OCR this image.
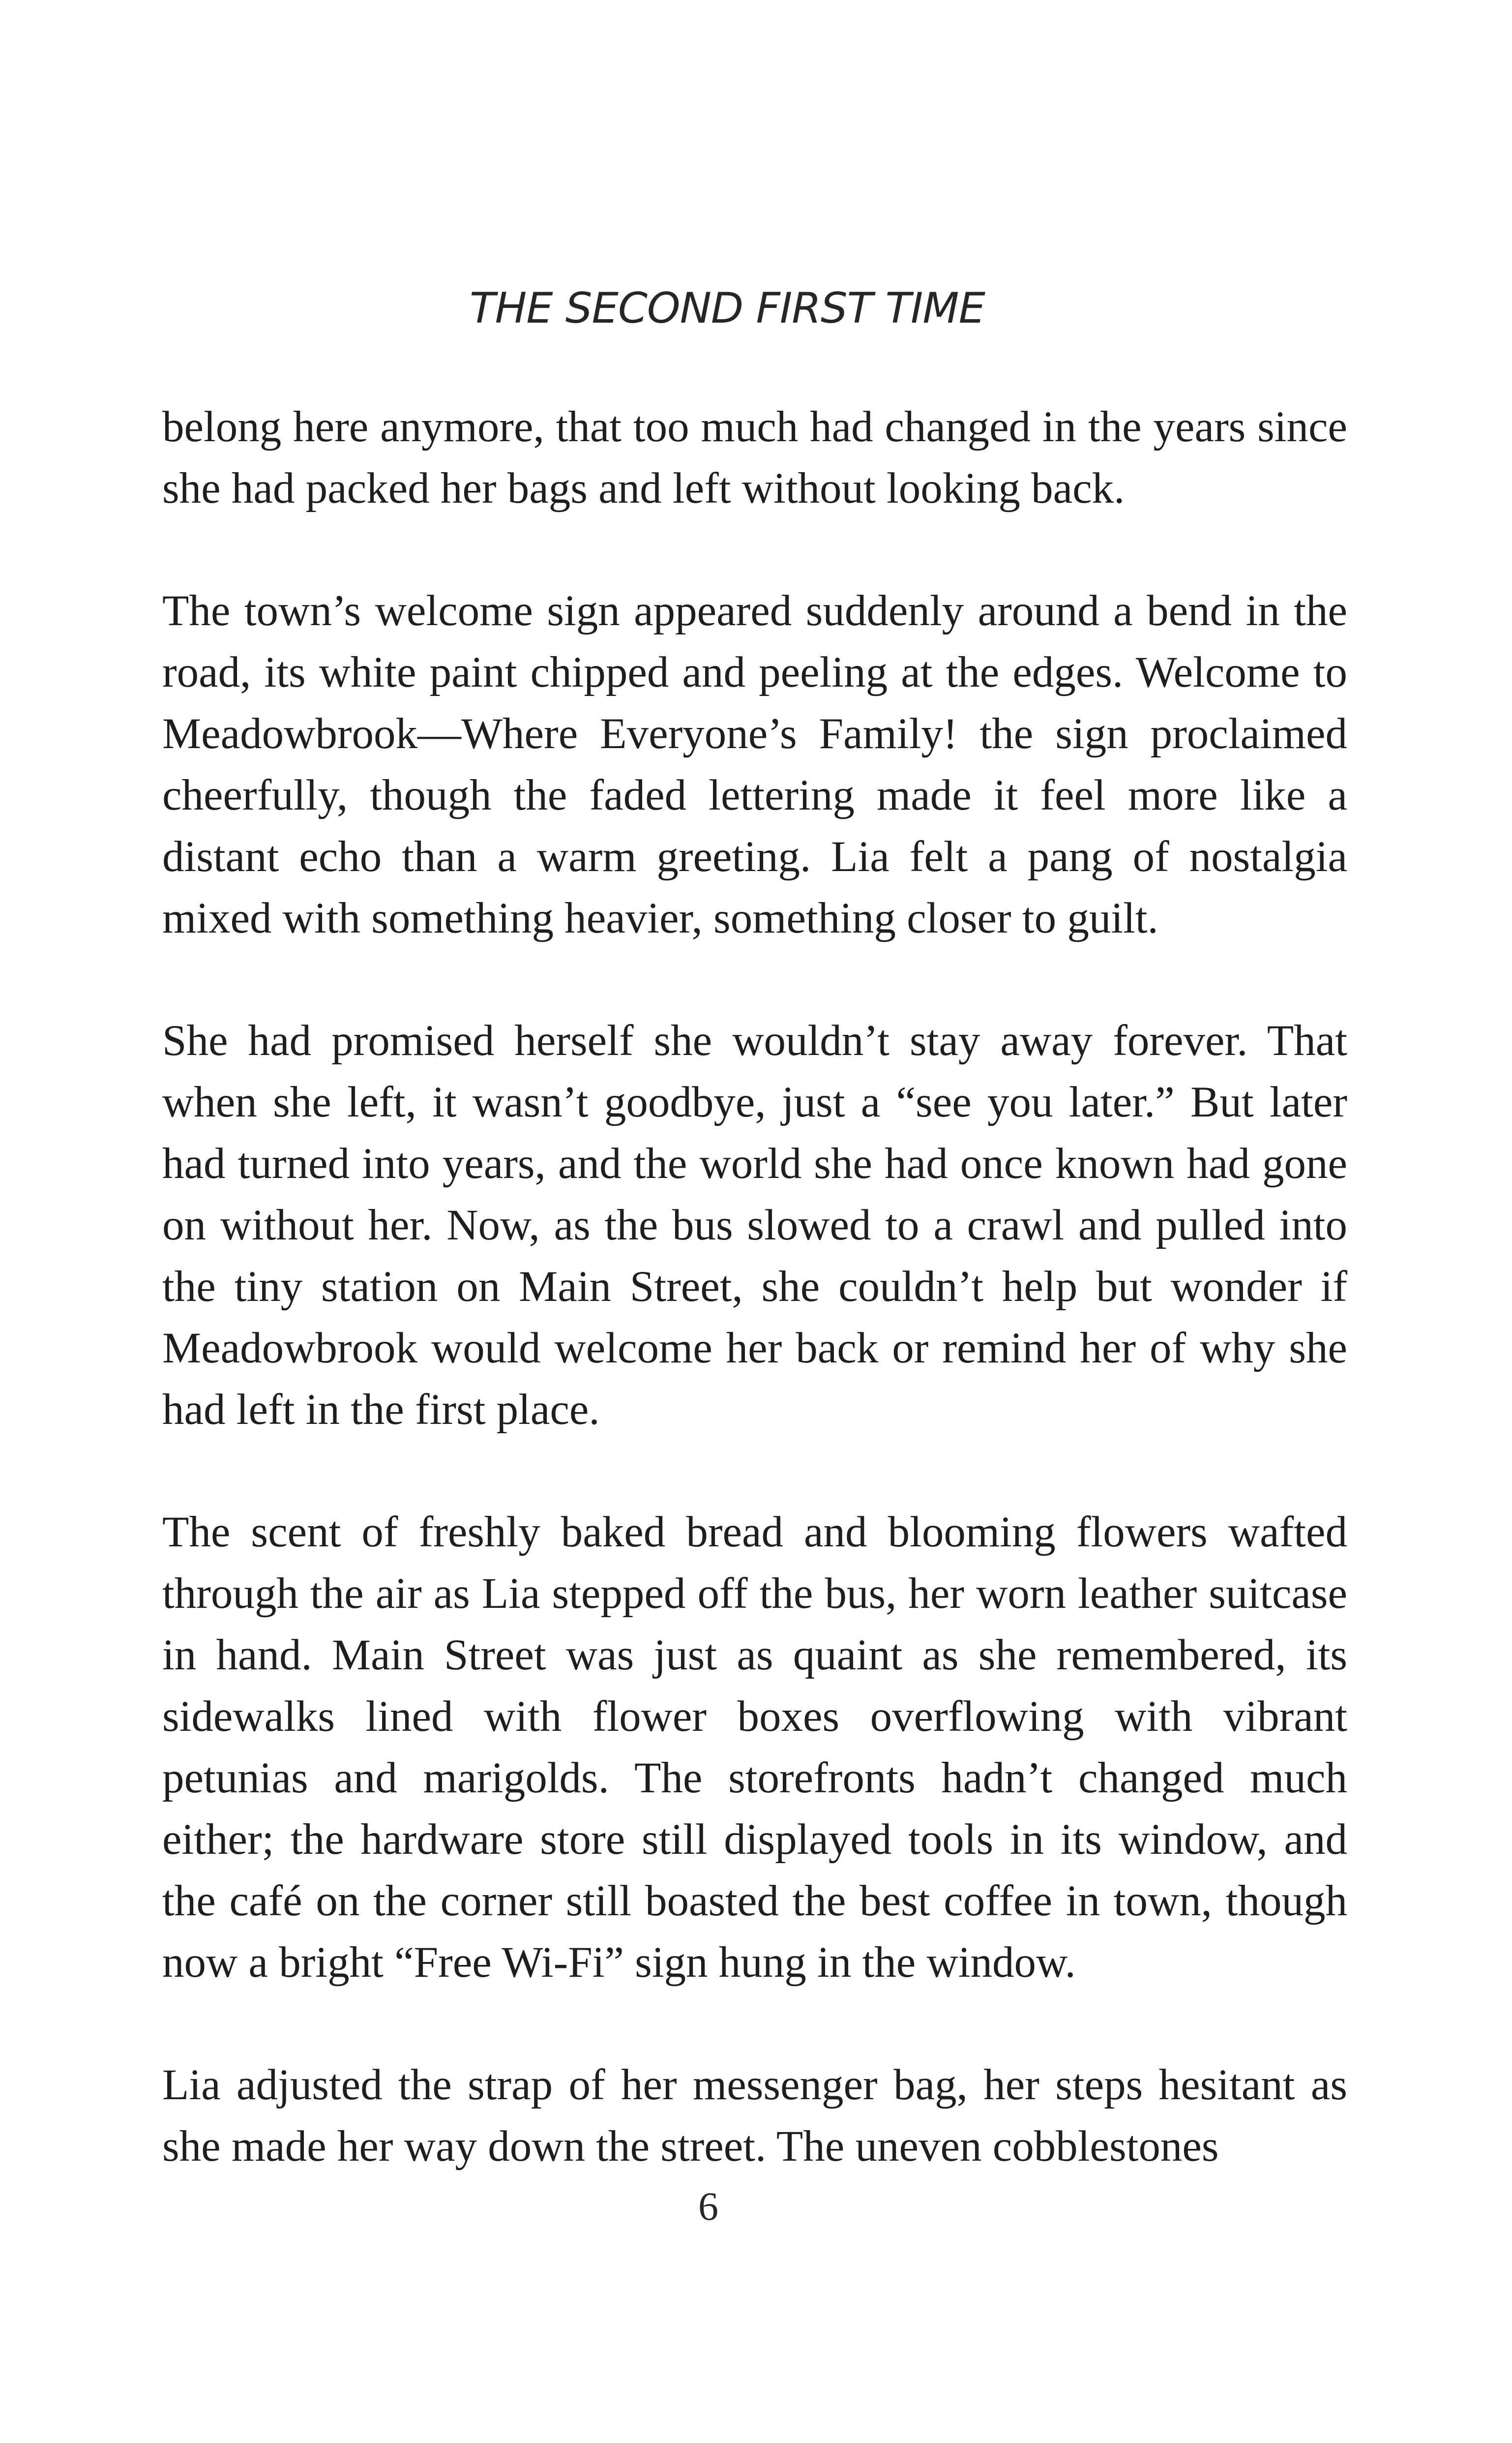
THE SECOND FIRST TIME

belong here anymore, that too much had changed in the years since she had packed her bags and left without looking back.

The town’s welcome sign appeared suddenly around a bend in the road, its white paint chipped and peeling at the edges. Welcome to Meadowbrook—Where Everyone’s Family! the sign proclaimed cheerfully, though the faded lettering made it feel more like a distant echo than a warm greeting. Lia felt a pang of nostalgia mixed with something heavier, something closer to guilt.

She had promised herself she wouldn’t stay away forever. That when she left, it wasn’t goodbye, just a “see you later.” But later had turned into years, and the world she had once known had gone on without her. Now, as the bus slowed to a crawl and pulled into the tiny station on Main Street, she couldn’t help but wonder if Meadowbrook would welcome her back or remind her of why she had left in the first place.

The scent of freshly baked bread and blooming flowers wafted through the air as Lia stepped off the bus, her worn leather suitcase in hand. Main Street was just as quaint as she remembered, its sidewalks lined with flower boxes overflowing with vibrant petunias and marigolds. The storefronts hadn’t changed much either; the hardware store still displayed tools in its window, and the café on the corner still boasted the best coffee in town, though now a bright “Free Wi-Fi” sign hung in the window.

Lia adjusted the strap of her messenger bag, her steps hesitant as she made her way down the street. The uneven cobblestones

6
